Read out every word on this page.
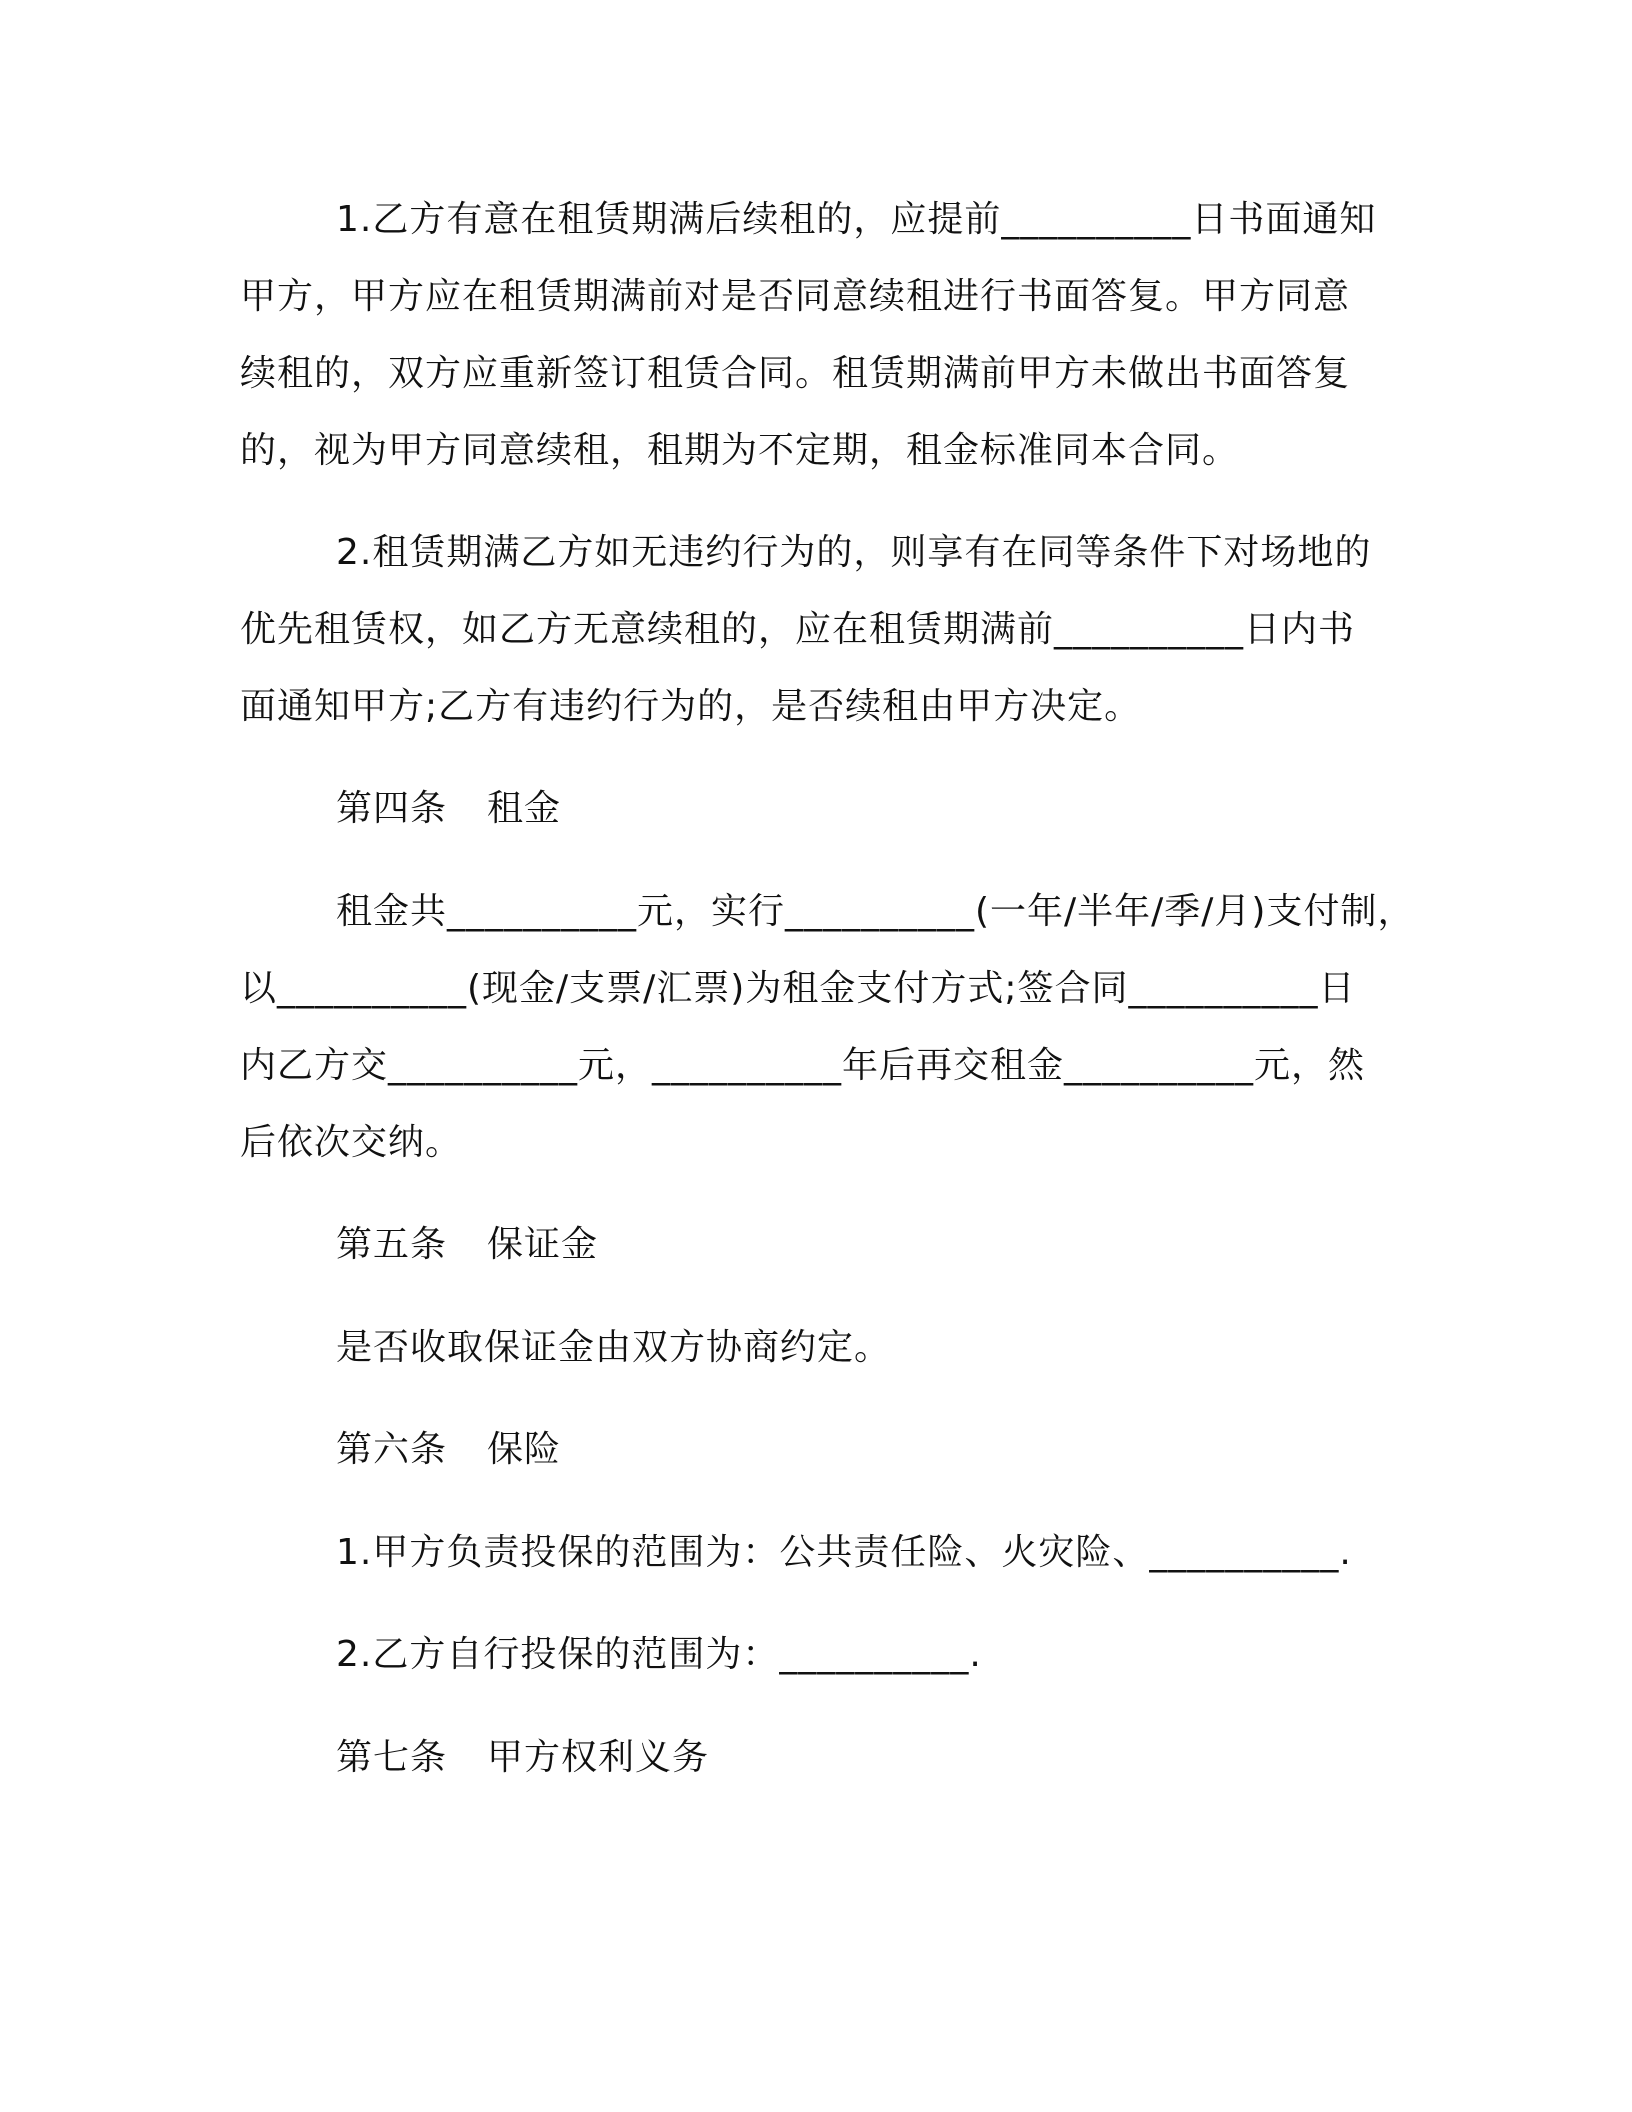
1.乙方有意在租赁期满后续租的，应提前__________日书面通知
甲方，甲方应在租赁期满前对是否同意续租进行书面答复。甲方同意
续租的，双方应重新签订租赁合同。租赁期满前甲方未做出书面答复
的，视为甲方同意续租，租期为不定期，租金标准同本合同。
2.租赁期满乙方如无违约行为的，则享有在同等条件下对场地的
优先租赁权，如乙方无意续租的，应在租赁期满前__________日内书
面通知甲方;乙方有违约行为的，是否续租由甲方决定。
第四条 租金
租金共__________元，实行__________(一年/半年/季/月)支付制，
以__________(现金/支票/汇票)为租金支付方式;签合同__________日
内乙方交__________元，__________年后再交租金__________元，然
后依次交纳。
第五条 保证金
是否收取保证金由双方协商约定。
第六条 保险
1.甲方负责投保的范围为：公共责任险、火灾险、__________.
2.乙方自行投保的范围为：__________.
第七条 甲方权利义务
